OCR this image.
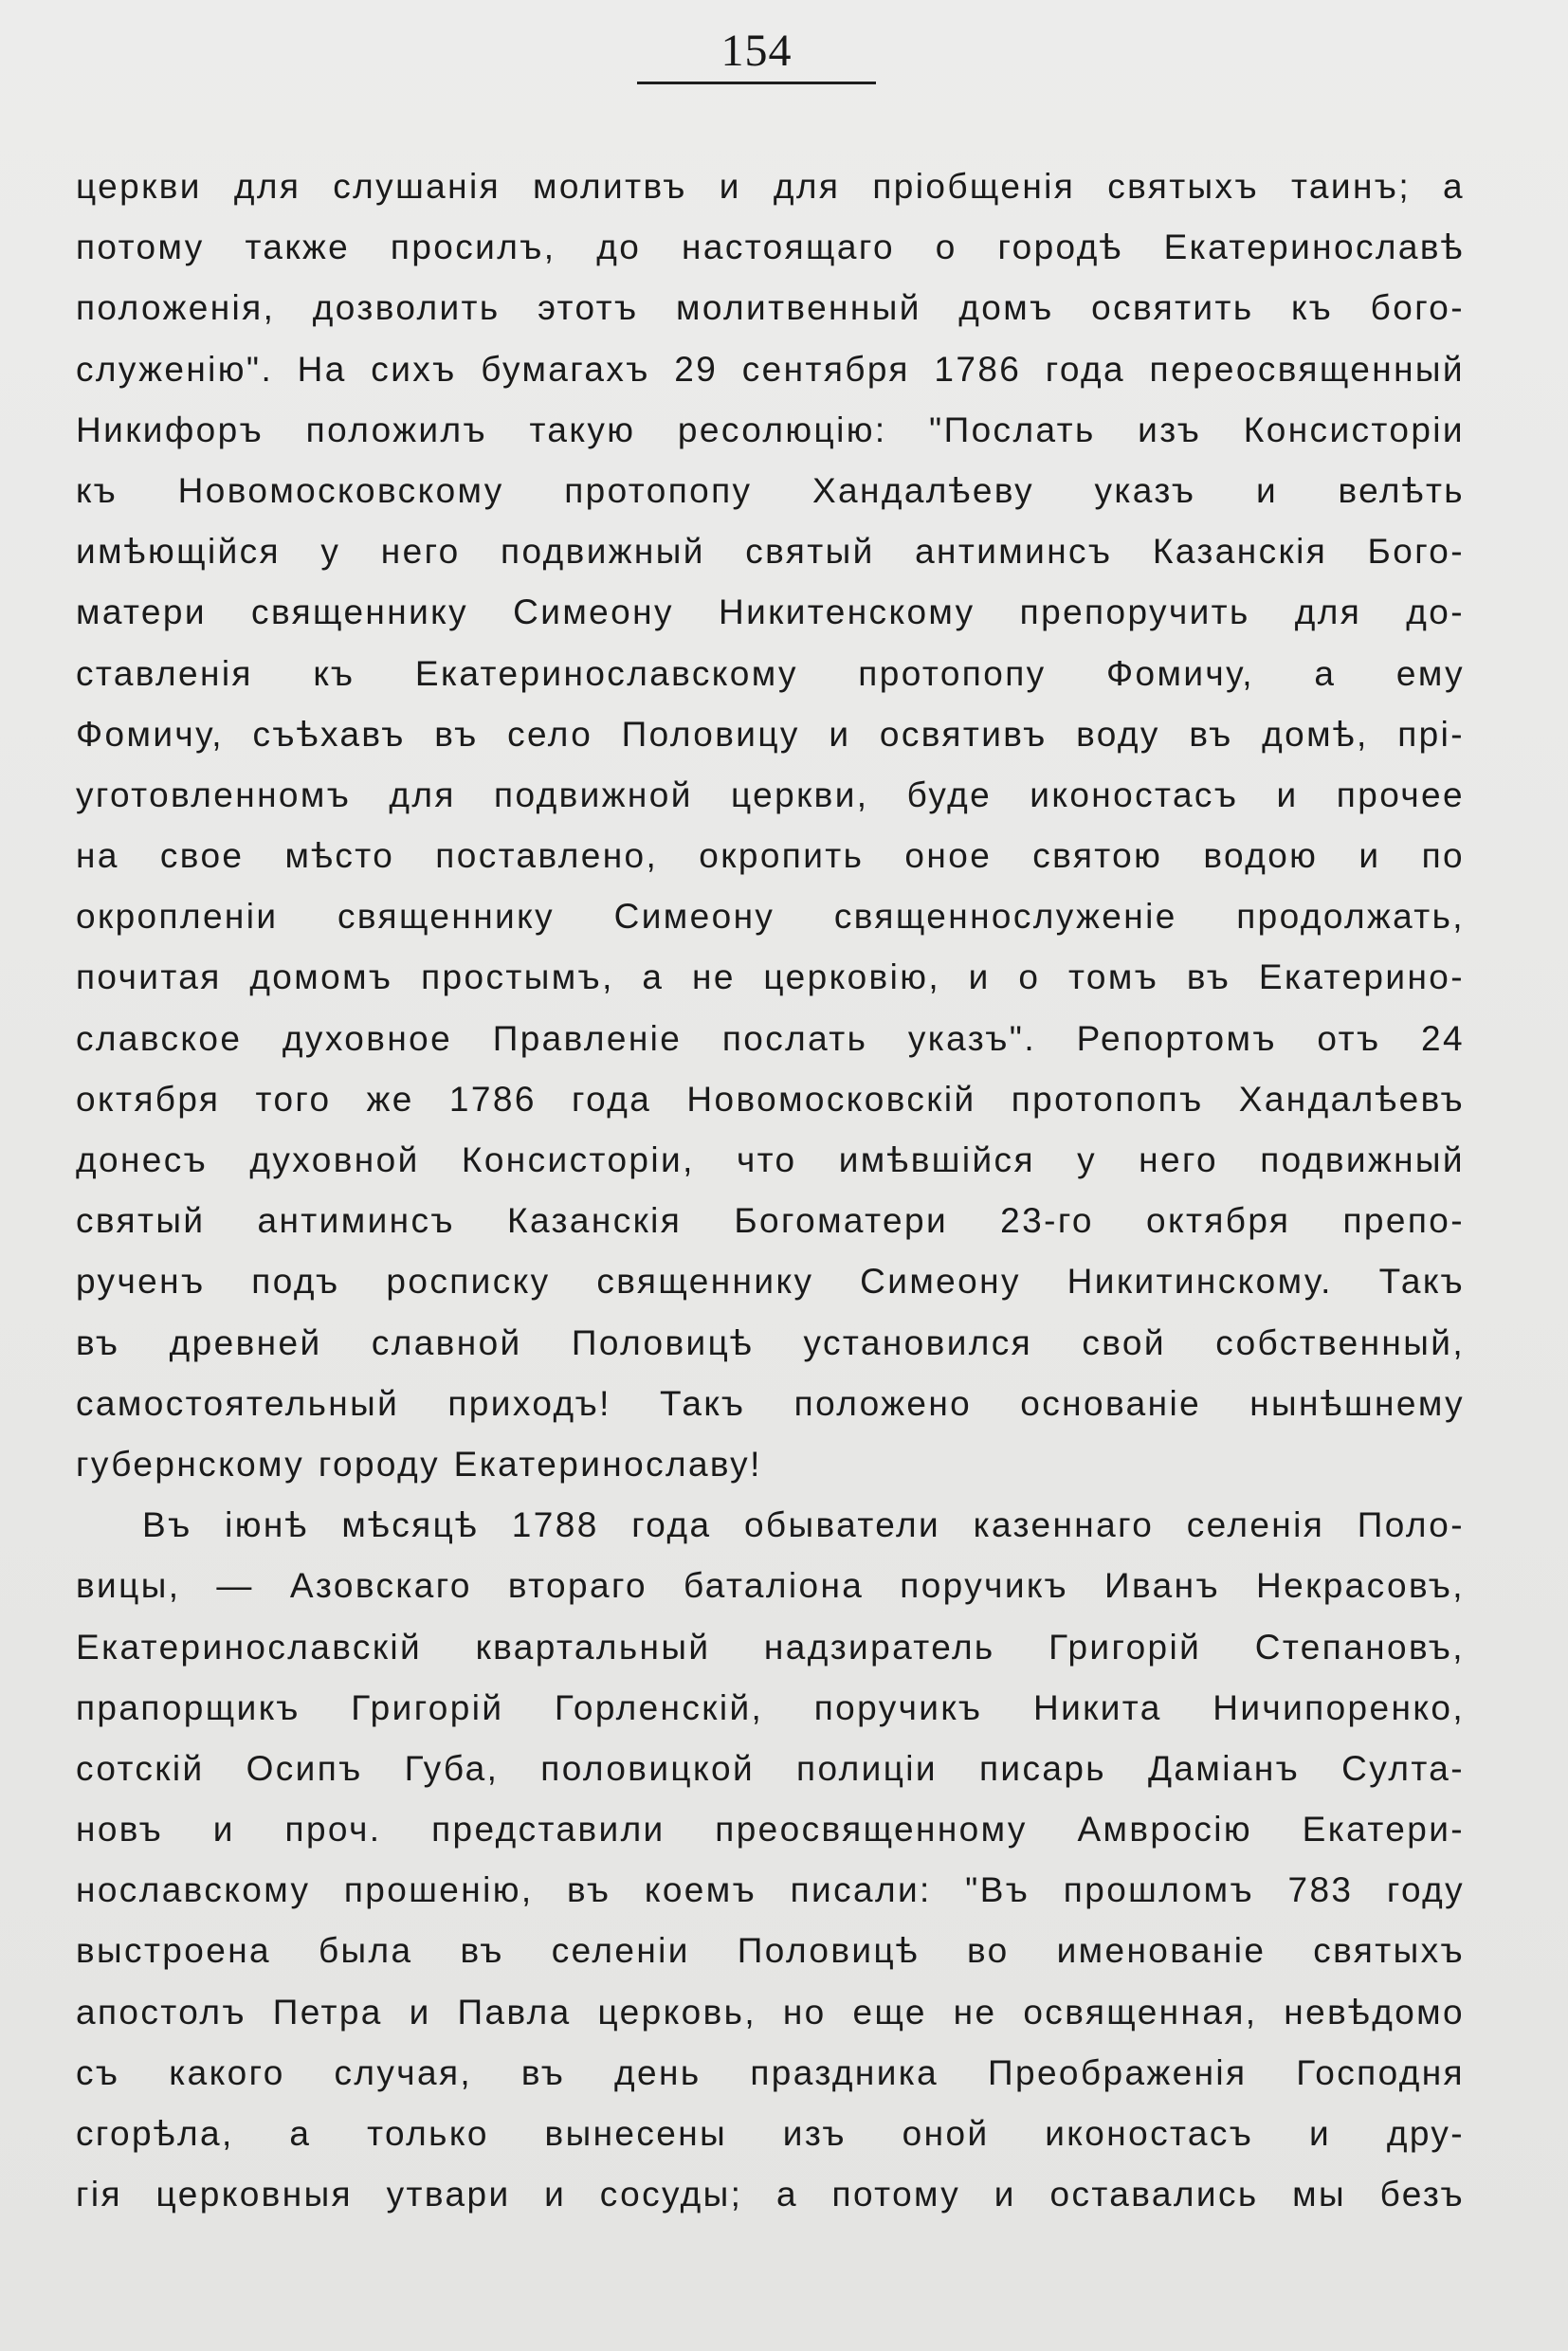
154
церкви для слушанія молитвъ и для пріобщенія святыхъ таинъ; а
потому также просилъ, до настоящаго о городѣ Екатеринославѣ
положенія, дозволить этотъ молитвенный домъ освятить къ бого-
служенію". На сихъ бумагахъ 29 сентября 1786 года переосвященный
Никифоръ положилъ такую ресолюцію: "Послать изъ Консисторіи
къ Новомосковскому протопопу Хандалѣеву указъ и велѣть
имѣющійся у него подвижный святый антиминсъ Казанскія Бого-
матери священнику Симеону Никитенскому препоручить для до-
ставленія къ Екатеринославскому протопопу Фомичу, а ему
Фомичу, съѣхавъ въ село Половицу и освятивъ воду въ домѣ, прі-
уготовленномъ для подвижной церкви, буде иконостасъ и прочее
на свое мѣсто поставлено, окропить оное святою водою и по
окропленіи священнику Симеону священнослуженіе продолжать,
почитая домомъ простымъ, а не церковію, и о томъ въ Екатерино-
славское духовное Правленіе послать указъ". Репортомъ отъ 24
октября того же 1786 года Новомосковскій протопопъ Хандалѣевъ
донесъ духовной Консисторіи, что имѣвшійся у него подвижный
святый антиминсъ Казанскія Богоматери 23-го октября препо-
рученъ подъ росписку священнику Симеону Никитинскому. Такъ
въ древней славной Половицѣ установился свой собственный,
самостоятельный приходъ! Такъ положено основаніе нынѣшнему
губернскому городу Екатеринославу!
Въ іюнѣ мѣсяцѣ 1788 года обыватели казеннаго селенія Поло-
вицы, — Азовскаго втораго баталіона поручикъ Иванъ Некрасовъ,
Екатеринославскій квартальный надзиратель Григорій Степановъ,
прапорщикъ Григорій Горленскій, поручикъ Никита Ничипоренко,
сотскій Осипъ Губа, половицкой полиціи писарь Даміанъ Султа-
новъ и проч. представили преосвященному Амвросію Екатери-
нославскому прошенію, въ коемъ писали: "Въ прошломъ 783 году
выстроена была въ селеніи Половицѣ во именованіе святыхъ
апостолъ Петра и Павла церковь, но еще не освященная, невѣдомо
съ какого случая, въ день праздника Преображенія Господня
сгорѣла, а только вынесены изъ оной иконостасъ и дру-
гія церковныя утвари и сосуды; а потому и оставались мы безъ
